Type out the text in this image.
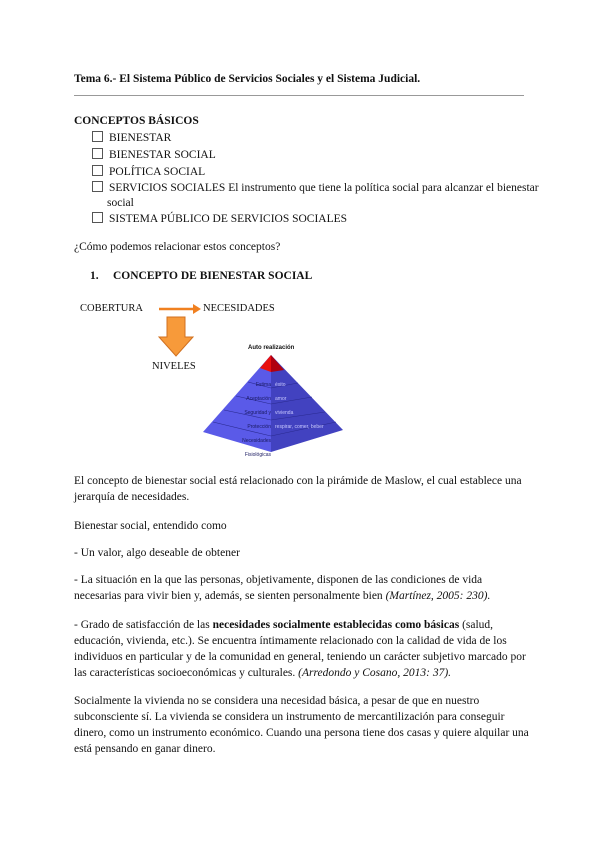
Tema 6.- El Sistema Público de Servicios Sociales y el Sistema Judicial.
CONCEPTOS BÁSICOS
BIENESTAR
BIENESTAR SOCIAL
POLÍTICA SOCIAL
SERVICIOS SOCIALES El instrumento que tiene la política social para alcanzar el bienestar social
SISTEMA PÚBLICO DE SERVICIOS SOCIALES
¿Cómo podemos relacionar estos conceptos?
1.     CONCEPTO DE BIENESTAR SOCIAL
COBERTURA	NECESIDADES
NIVELES
Auto realización
Estima
Aceptación
Seguridad y Protección
Necesidades Fisiológicas
éxito
amor
vivienda
respirar, comer, beber

El concepto de bienestar social está relacionado con la pirámide de Maslow, el cual establece una jerarquía de necesidades.

Bienestar social, entendido como

- Un valor, algo deseable de obtener

- La situación en la que las personas, objetivamente, disponen de las condiciones de vida necesarias para vivir bien y, además, se sienten personalmente bien (Martínez, 2005: 230).

- Grado de satisfacción de las necesidades socialmente establecidas como básicas (salud, educación, vivienda, etc.). Se encuentra íntimamente relacionado con la calidad de vida de los individuos en particular y de la comunidad en general, teniendo un carácter subjetivo marcado por las características socioeconómicas y culturales. (Arredondo y Cosano, 2013: 37).

Socialmente la vivienda no se considera una necesidad básica, a pesar de que en nuestro subconsciente sí. La vivienda se considera un instrumento de mercantilización para conseguir dinero, como un instrumento económico. Cuando una persona tiene dos casas y quiere alquilar una está pensando en ganar dinero.
